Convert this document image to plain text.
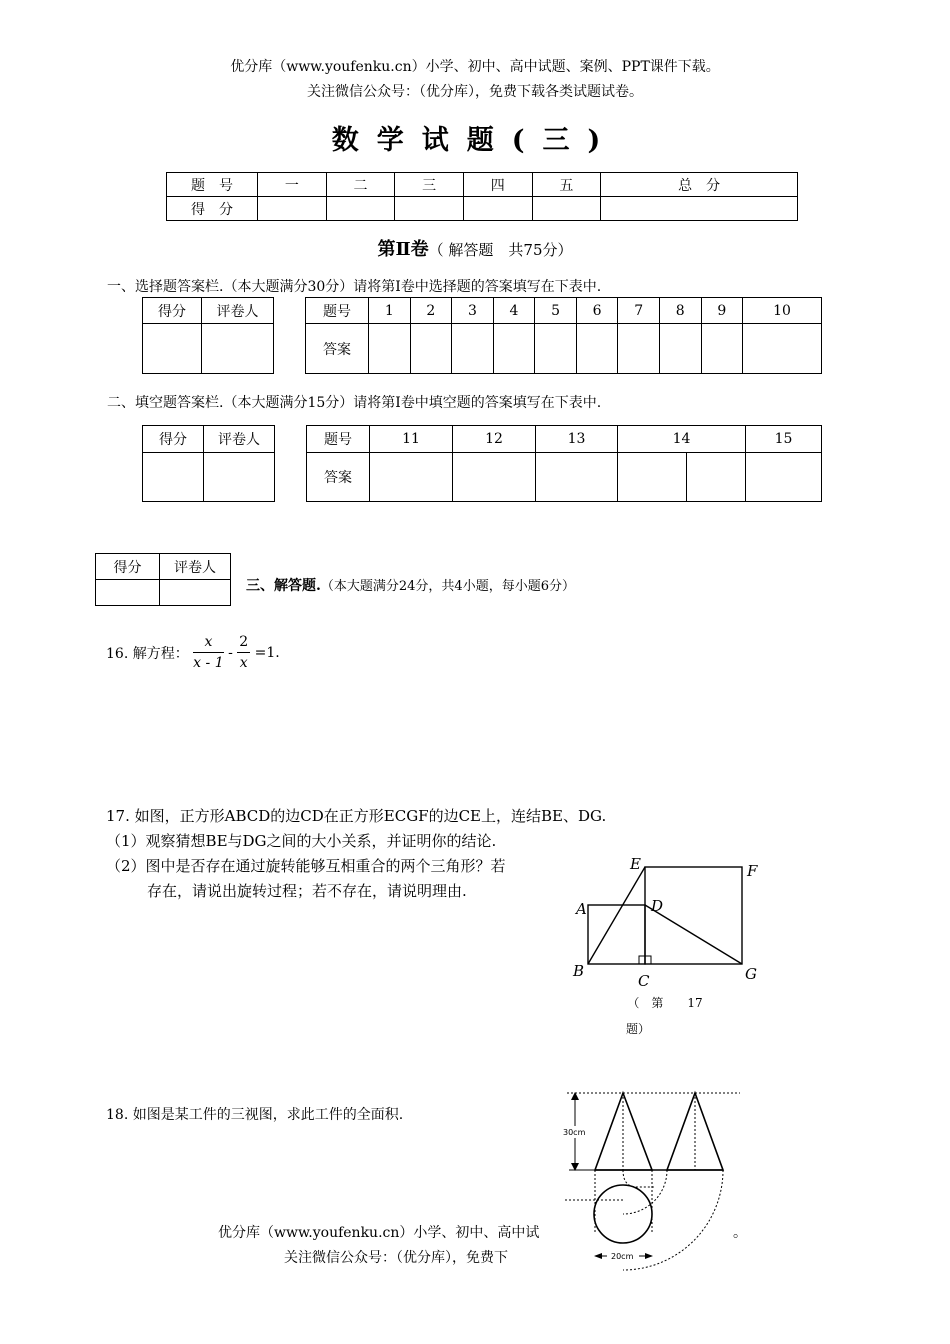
优分库（www.youfenku.cn）小学、初中、高中试题、案例、PPT课件下载。
关注微信公众号：（优分库），免费下载各类试题试卷。
数学试题(三)
题　号	一	二	三	四	五	总　分
得　分						
第Ⅱ卷（ 解答题　共75分）
一、选择题答案栏.（本大题满分30分）请将第Ⅰ卷中选择题的答案填写在下表中.
得分	评卷人
		题号	1	2	3	4	5	6	7	8	9	10
答案										
二、填空题答案栏.（本大题满分15分）请将第Ⅰ卷中填空题的答案填写在下表中.
得分	评卷人
		题号	11	12	13	14		15
答案						
得分	评卷人

三、解答题.（本大题满分24分，共4小题，每小题6分）
16. 解方程： $\frac{x}{x - 1} - \frac{2}{x} =1$.
17. 如图，正方形ABCD的边CD在正方形ECGF的边CE上，连结BE、DG.
（1）观察猜想BE与DG之间的大小关系，并证明你的结论.
（2）图中是否存在通过旋转能够互相重合的两个三角形？若
存在，请说出旋转过程；若不存在，请说明理由.
E	F
A	D
B
C	G
（　第　　17
题）
18. 如图是某工件的三视图，求此工件的全面积.
30cm
20cm
优分库（www.youfenku.cn）小学、初中、高中试	。
关注微信公众号：（优分库），免费下
